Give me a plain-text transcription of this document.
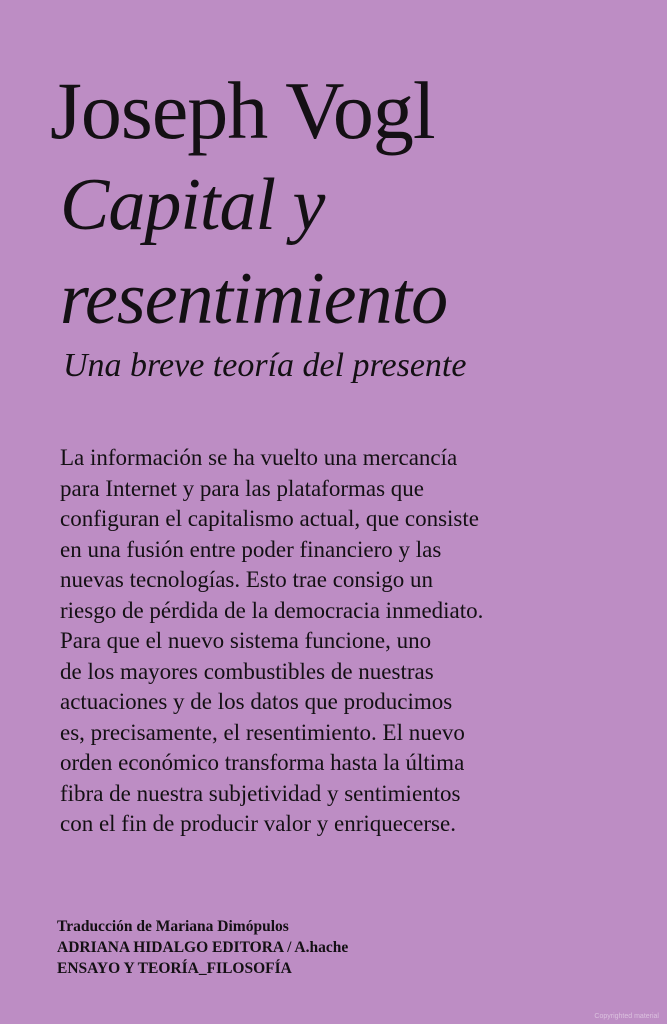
Joseph Vogl
Capital y
resentimiento

Una breve teoría del presente

La información se ha vuelto una mercancía
para Internet y para las plataformas que
configuran el capitalismo actual, que consiste
en una fusión entre poder financiero y las
nuevas tecnologías. Esto trae consigo un
riesgo de pérdida de la democracia inmediato.
Para que el nuevo sistema funcione, uno
de los mayores combustibles de nuestras
actuaciones y de los datos que producimos
es, precisamente, el resentimiento. El nuevo
orden económico transforma hasta la última
fibra de nuestra subjetividad y sentimientos
con el fin de producir valor y enriquecerse.

Traducción de Mariana Dimópulos
ADRIANA HIDALGO EDITORA / A.hache
ENSAYO Y TEORÍA_FILOSOFÍA

Copyrighted material
